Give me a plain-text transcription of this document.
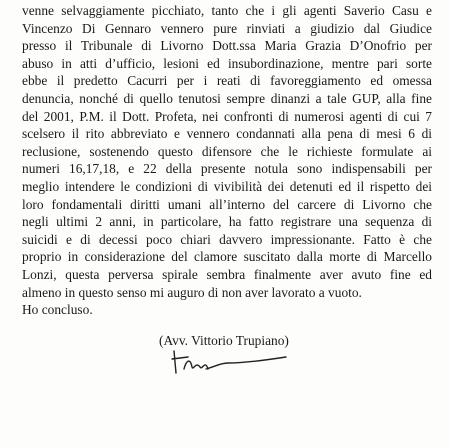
venne selvaggiamente picchiato, tanto che i gli agenti Saverio Casu e
Vincenzo Di Gennaro vennero pure rinviati a giudizio dal Giudice
presso il Tribunale di Livorno Dott.ssa Maria Grazia D’Onofrio per
abuso in atti d’ufficio, lesioni ed insubordinazione, mentre pari sorte
ebbe il predetto Cacurri per i reati di favoreggiamento ed omessa
denuncia, nonché di quello tenutosi sempre dinanzi a tale GUP, alla fine
del 2001, P.M. il Dott. Profeta, nei confronti di numerosi agenti di cui 7
scelsero il rito abbreviato e vennero condannati alla pena di mesi 6 di
reclusione, sostenendo questo difensore che le richieste formulate ai
numeri 16,17,18, e 22 della presente notula sono indispensabili per
meglio intendere le condizioni di vivibilità dei detenuti ed il rispetto dei
loro fondamentali diritti umani all’interno del carcere di Livorno che
negli ultimi 2 anni, in particolare, ha fatto registrare una sequenza di
suicidi e di decessi poco chiari davvero impressionante. Fatto è che
proprio in considerazione del clamore suscitato dalla morte di Marcello
Lonzi, questa perversa spirale sembra finalmente aver avuto fine ed
almeno in questo senso mi auguro di non aver lavorato a vuoto.
Ho concluso.
(Avv. Vittorio Trupiano)
